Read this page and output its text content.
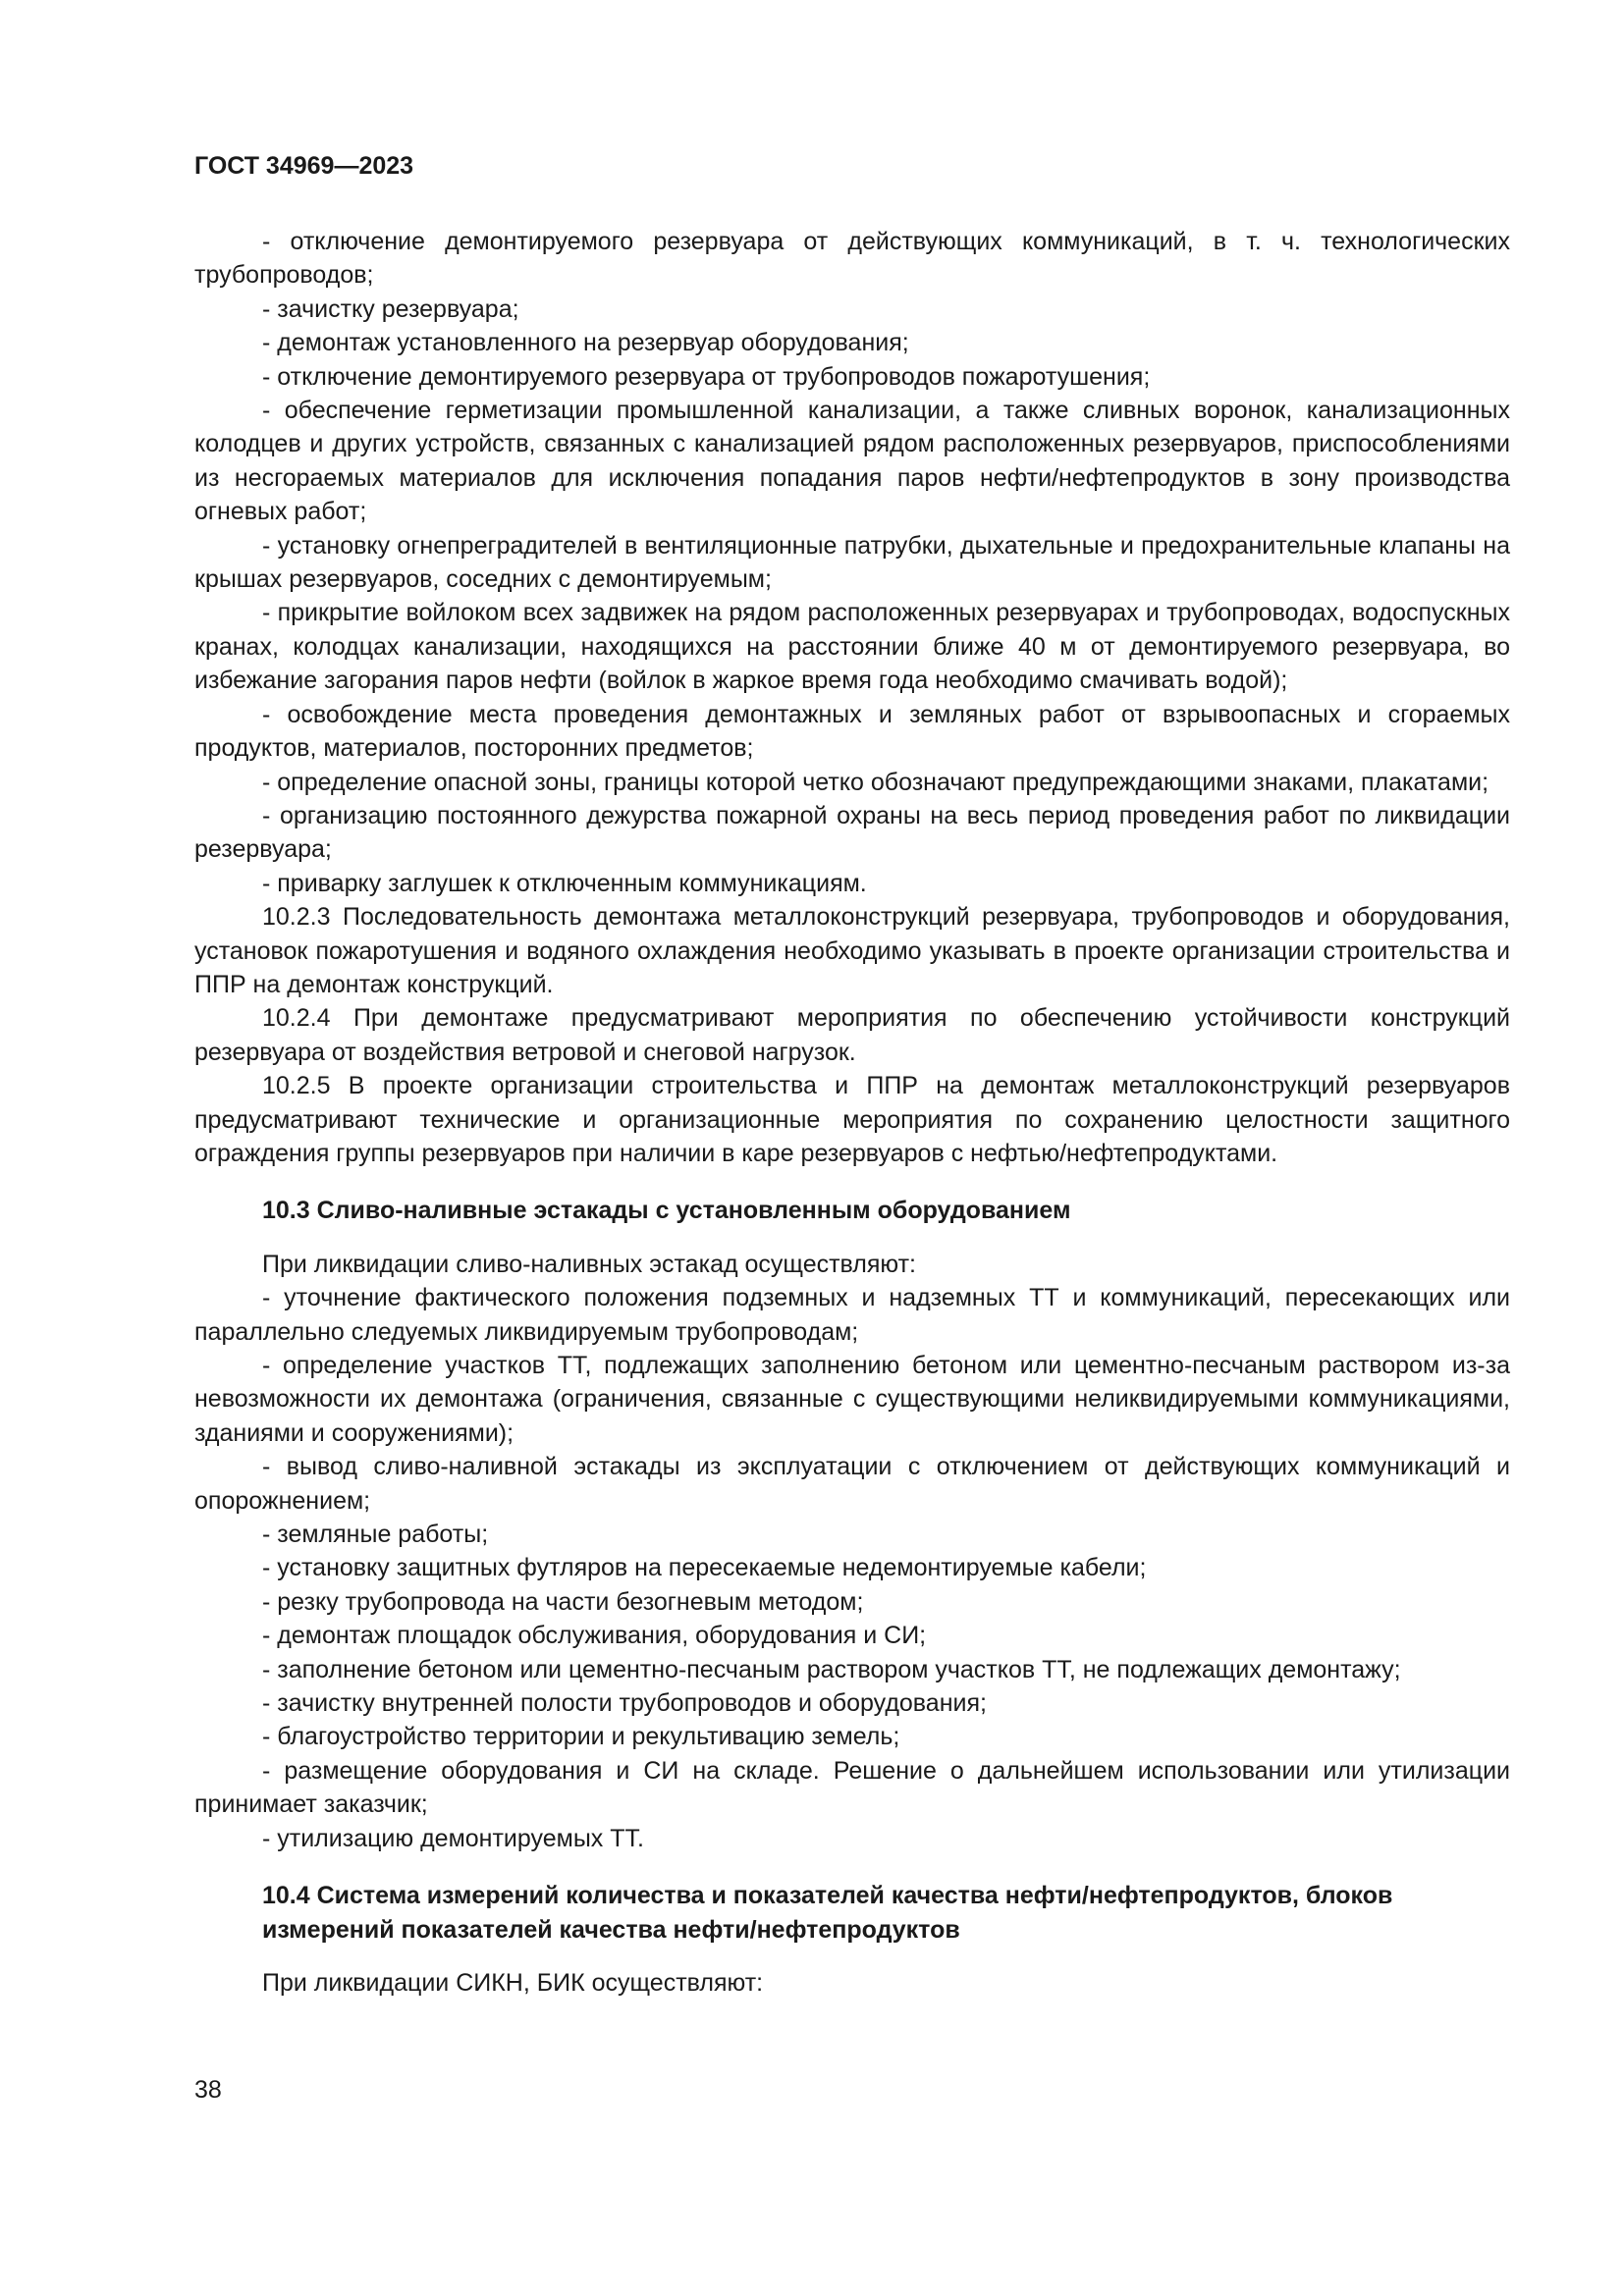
ГОСТ 34969—2023

- отключение демонтируемого резервуара от действующих коммуникаций, в т. ч. технологических трубопроводов;

- зачистку резервуара;

- демонтаж установленного на резервуар оборудования;

- отключение демонтируемого резервуара от трубопроводов пожаротушения;

- обеспечение герметизации промышленной канализации, а также сливных воронок, канализационных колодцев и других устройств, связанных с канализацией рядом расположенных резервуаров, приспособлениями из несгораемых материалов для исключения попадания паров нефти/нефтепродуктов в зону производства огневых работ;

- установку огнепреградителей в вентиляционные патрубки, дыхательные и предохранительные клапаны на крышах резервуаров, соседних с демонтируемым;

- прикрытие войлоком всех задвижек на рядом расположенных резервуарах и трубопроводах, водоспускных кранах, колодцах канализации, находящихся на расстоянии ближе 40 м от демонтируемого резервуара, во избежание загорания паров нефти (войлок в жаркое время года необходимо смачивать водой);

- освобождение места проведения демонтажных и земляных работ от взрывоопасных и сгораемых продуктов, материалов, посторонних предметов;

- определение опасной зоны, границы которой четко обозначают предупреждающими знаками, плакатами;

- организацию постоянного дежурства пожарной охраны на весь период проведения работ по ликвидации резервуара;

- приварку заглушек к отключенным коммуникациям.

10.2.3 Последовательность демонтажа металлоконструкций резервуара, трубопроводов и оборудования, установок пожаротушения и водяного охлаждения необходимо указывать в проекте организации строительства и ППР на демонтаж конструкций.

10.2.4 При демонтаже предусматривают мероприятия по обеспечению устойчивости конструкций резервуара от воздействия ветровой и снеговой нагрузок.

10.2.5 В проекте организации строительства и ППР на демонтаж металлоконструкций резервуаров предусматривают технические и организационные мероприятия по сохранению целостности защитного ограждения группы резервуаров при наличии в каре резервуаров с нефтью/нефтепродуктами.

10.3 Сливо-наливные эстакады с установленным оборудованием

При ликвидации сливо-наливных эстакад осуществляют:

- уточнение фактического положения подземных и надземных ТТ и коммуникаций, пересекающих или параллельно следуемых ликвидируемым трубопроводам;

- определение участков ТТ, подлежащих заполнению бетоном или цементно-песчаным раствором из-за невозможности их демонтажа (ограничения, связанные с существующими неликвидируемыми коммуникациями, зданиями и сооружениями);

- вывод сливо-наливной эстакады из эксплуатации с отключением от действующих коммуникаций и опорожнением;

- земляные работы;

- установку защитных футляров на пересекаемые недемонтируемые кабели;

- резку трубопровода на части безогневым методом;

- демонтаж площадок обслуживания, оборудования и СИ;

- заполнение бетоном или цементно-песчаным раствором участков ТТ, не подлежащих демонтажу;

- зачистку внутренней полости трубопроводов и оборудования;

- благоустройство территории и рекультивацию земель;

- размещение оборудования и СИ на складе. Решение о дальнейшем использовании или утилизации принимает заказчик;

- утилизацию демонтируемых ТТ.

10.4 Система измерений количества и показателей качества нефти/нефтепродуктов, блоков измерений показателей качества нефти/нефтепродуктов

При ликвидации СИКН, БИК осуществляют:

38
